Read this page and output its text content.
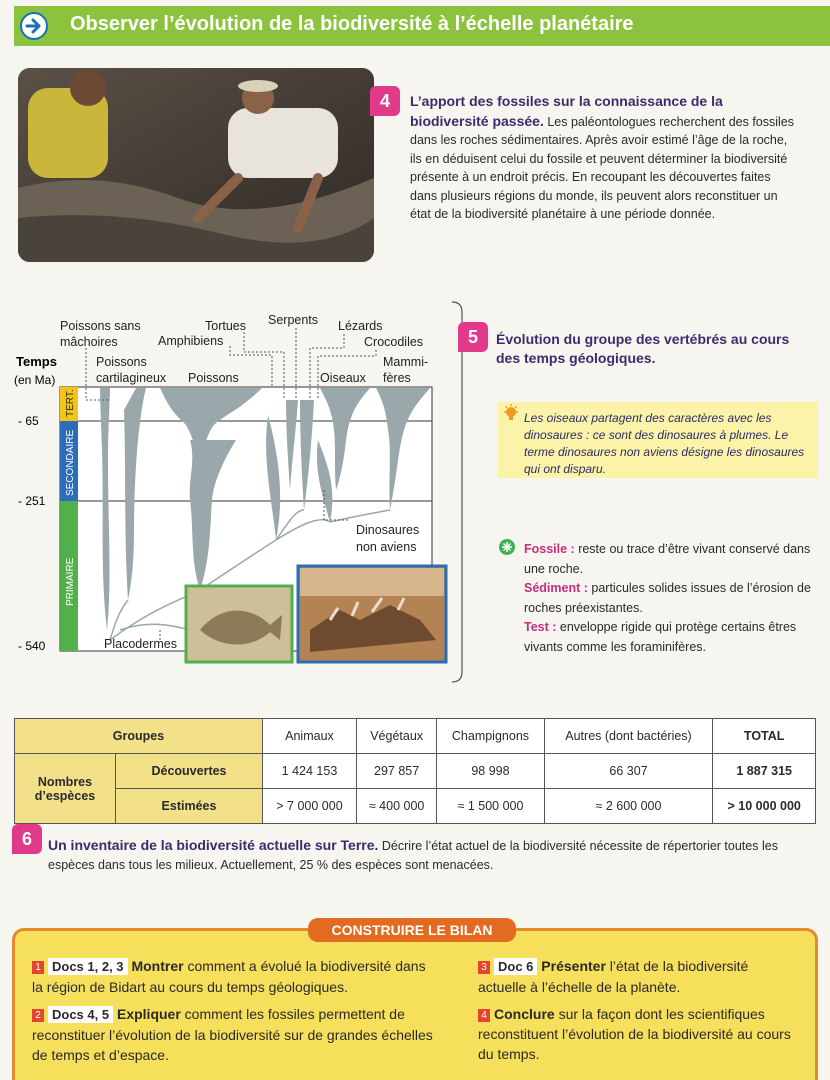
Observer l’évolution de la biodiversité à l’échelle planétaire
4	L’apport des fossiles sur la connaissance de la biodiversité passée. Les paléontologues recherchent des fossiles dans les roches sédimentaires. Après avoir estimé l’âge de la roche, ils en déduisent celui du fossile et peuvent déterminer la biodiversité présente à un endroit précis. En recoupant les découvertes faites dans plusieurs régions du monde, ils peuvent alors reconstituer un état de la biodiversité planétaire à une période donnée.
TERT.
SECONDAIRE
PRIMAIRE
Temps
(en Ma)
- 65
- 251
- 540
Poissons sans
mâchoires
Poissons
cartilagineux
Amphibiens
Poissons
Tortues Serpents Lézards
Crocodiles
Oiseaux
Mammi-
fères
Dinosaures
non aviens
Placodermes
5	Évolution du groupe des vertébrés au cours des temps géologiques.
Les oiseaux partagent des caractères avec les dinosaures : ce sont des dinosaures à plumes. Le terme dinosaures non aviens désigne les dinosaures qui ont disparu.
Fossile : reste ou trace d’être vivant conservé dans une roche.
Sédiment : particules solides issues de l’érosion de roches préexistantes.
Test : enveloppe rigide qui protège certains êtres vivants comme les foraminifères.
Groupes		Animaux	Végétaux	Champignons	Autres (dont bactéries)	TOTAL
Nombres d’espèces	Découvertes	1 424 153	297 857	98 998	66 307	1 887 315
	Estimées	> 7 000 000	≈ 400 000	≈ 1 500 000	≈ 2 600 000	> 10 000 000
6	Un inventaire de la biodiversité actuelle sur Terre. Décrire l’état actuel de la biodiversité nécessite de répertorier toutes les espèces dans tous les milieux. Actuellement, 25 % des espèces sont menacées.
CONSTRUIRE LE BILAN
1 Docs 1, 2, 3 Montrer comment a évolué la biodiversité dans la région de Bidart au cours du temps géologiques.
2 Docs 4, 5 Expliquer comment les fossiles permettent de reconstituer l’évolution de la biodiversité sur de grandes échelles de temps et d’espace.
3 Doc 6 Présenter l’état de la biodiversité actuelle à l’échelle de la planète.
4 Conclure sur la façon dont les scientifiques reconstituent l’évolution de la biodiversité au cours du temps.
